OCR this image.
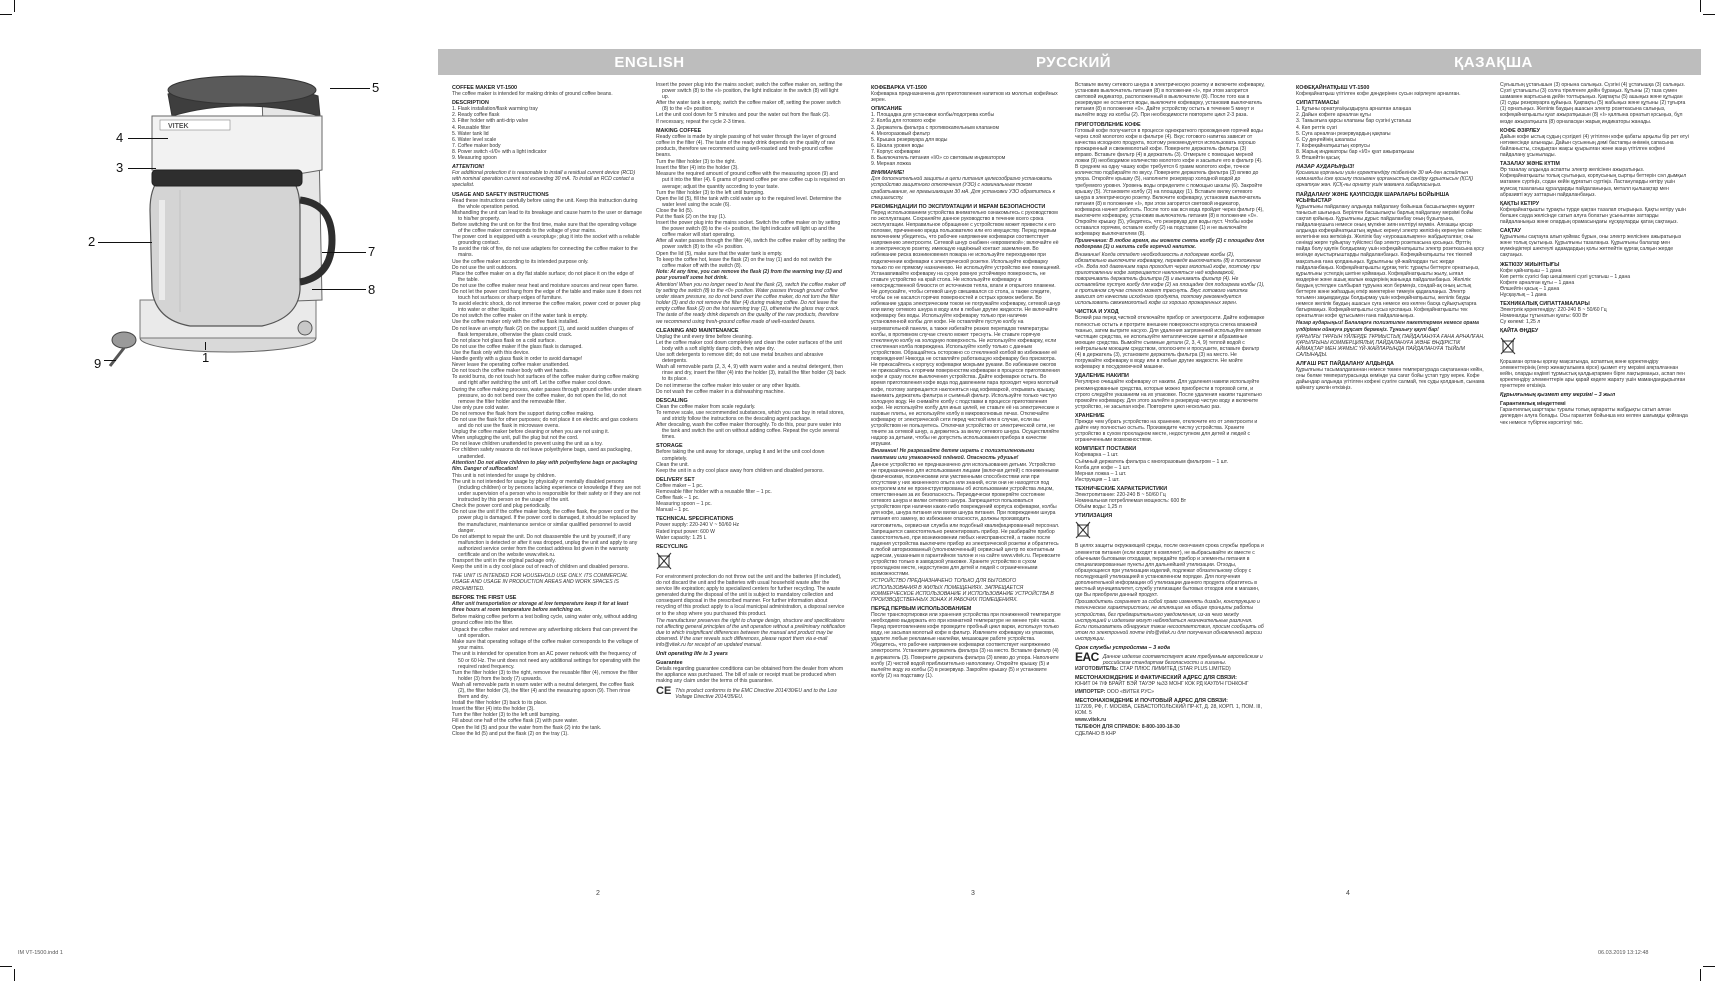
VITEK
5
4
3
2
7
8
9	1
IM VT-1500.indd 1
ENGLISH
COFFEE MAKER VT-1500
The coffee maker is intended for making drinks of ground coffee beans.
DESCRIPTION
1. Flask installation/flask warming tray
2. Ready coffee flask
3. Filter holder with anti-drip valve
4. Reusable filter
5. Water tank lid
6. Water level scale
7. Coffee maker body
8. Power switch «I/0» with a light indicator
9. Measuring spoon
ATTENTION!
For additional protection it is reasonable to install a residual current device (RCD) with nominal operation current not exceeding 30 mA. To install an RCD contact a specialist.
USAGE AND SAFETY INSTRUCTIONS
Read these instructions carefully before using the unit. Keep this instruction during the whole operation period.
Mishandling the unit can lead to its breakage and cause harm to the user or damage to his/her property.
Before switching the unit on for the first time, make sure that the operating voltage of the coffee maker corresponds to the voltage of your mains.
The power cord is equipped with a «europlug»; plug it into the socket with a reliable grounding contact.
To avoid the risk of fire, do not use adapters for connecting the coffee maker to the mains.
Use the coffee maker according to its intended purpose only.
Do not use the unit outdoors.
Place the coffee maker on a dry flat stable surface; do not place it on the edge of the table.
Do not use the coffee maker near heat and moisture sources and near open flame.
Do not let the power cord hang from the edge of the table and make sure it does not touch hot surfaces or sharp edges of furniture.
To avoid electric shock, do not immerse the coffee maker, power cord or power plug into water or other liquids.
Do not switch the coffee maker on if the water tank is empty.
Use the coffee maker only with the coffee flask installed.
Do not leave an empty flask (2) on the support (1), and avoid sudden changes of flask temperature, otherwise the glass could crack.
Do not place hot glass flask on a cold surface.
Do not use the coffee maker if the glass flask is damaged.
Use the flask only with this device.
Handle gently with a glass flask in order to avoid damage!
Never leave the operating coffee maker unattended.
Do not touch the coffee maker body with wet hands.
To avoid burns, do not touch hot surfaces of the coffee maker during coffee making and right after switching the unit off. Let the coffee maker cool down.
During the coffee making process, water passes through ground coffee under steam pressure, so do not bend over the coffee maker, do not open the lid, do not remove the filter holder and the removable filter.
Use only pure cold water.
Do not remove the flask from the support during coffee making.
Do not use the flask for other purposes; do not place it on electric and gas cookers and do not use the flask in microwave ovens.
Unplug the coffee maker before cleaning or when you are not using it.
When unplugging the unit, pull the plug but not the cord.
Do not leave children unattended to prevent using the unit as a toy.
For children safety reasons do not leave polyethylene bags, used as packaging, unattended.
Attention! Do not allow children to play with polyethylene bags or packaging film. Danger of suffocation!
This unit is not intended for usage by children.
The unit is not intended for usage by physically or mentally disabled persons (including children) or by persons lacking experience or knowledge if they are not under supervision of a person who is responsible for their safety or if they are not instructed by this person on the usage of the unit.
Check the power cord and plug periodically.
Do not use the unit if the coffee maker body, the coffee flask, the power cord or the power plug is damaged. If the power cord is damaged, it should be replaced by the manufacturer, maintenance service or similar qualified personnel to avoid danger.
Do not attempt to repair the unit. Do not disassemble the unit by yourself, if any malfunction is detected or after it was dropped, unplug the unit and apply to any authorized service center from the contact address list given in the warranty certificate and on the website www.vitek.ru.
Transport the unit in the original package only.
Keep the unit in a dry cool place out of reach of children and disabled persons.
THE UNIT IS INTENDED FOR HOUSEHOLD USE ONLY. ITS COMMERCIAL USAGE AND USAGE IN PRODUCTION AREAS AND WORK SPACES IS PROHIBITED.
BEFORE THE FIRST USE
After unit transportation or storage at low temperature keep it for at least three hours at room temperature before switching on.
Before making coffee perform a test boiling cycle, using water only, without adding ground coffee into the filter.
Unpack the coffee maker and remove any advertising stickers that can prevent the unit operation.
Make sure that operating voltage of the coffee maker corresponds to the voltage of your mains.
The unit is intended for operation from an AC power network with the frequency of 50 or 60 Hz. The unit does not need any additional settings for operating with the required rated frequency.
Turn the filter holder (3) to the right, remove the reusable filter (4), remove the filter holder (3) from the body (7) upwards.
Wash all removable parts in warm water with a neutral detergent, the coffee flask (2), the filter holder (3), the filter (4) and the measuring spoon (9). Then rinse them and dry.
Install the filter holder (3) back to its place.
Insert the filter (4) into the holder (3).
Turn the filter holder (3) to the left until bumping.
Fill about one half of the coffee flask (2) with pure water.
Open the lid (5) and pour the water from the flask (2) into the tank.
Close the lid (5) and put the flask (2) on the tray (1).
Insert the power plug into the mains socket; switch the coffee maker on, setting the power switch (8) to the «I» position, the light indicator in the switch (8) will light up.
After the water tank is empty, switch the coffee maker off, setting the power switch (8) to the «0» position.
Let the unit cool down for 5 minutes and pour the water out from the flask (2).
If necessary, repeat the cycle 2-3 times.
MAKING COFFEE
Ready coffee is made by single passing of hot water through the layer of ground coffee in the filter (4). The taste of the ready drink depends on the quality of raw products, therefore we recommend using well-roasted and fresh-ground coffee beans.
Turn the filter holder (3) to the right.
Insert the filter (4) into the holder (3).
Measure the required amount of ground coffee with the measuring spoon (9) and put it into the filter (4). 6 grams of ground coffee per one coffee cup is required on average; adjust the quantity according to your taste.
Turn the filter holder (3) to the left until bumping.
Open the lid (5), fill the tank with cold water up to the required level. Determine the water level using the scale (6).
Close the lid (5).
Put the flask (2) on the tray (1).
Insert the power plug into the mains socket. Switch the coffee maker on by setting the power switch (8) to the «I» position, the light indicator will light up and the coffee maker will start operating.
After all water passes through the filter (4), switch the coffee maker off by setting the power switch (8) to the «0» position.
Open the lid (5), make sure that the water tank is empty.
To keep the coffee hot, leave the flask (2) on the tray (1) and do not switch the coffee maker off with the switch (8).
Note: At any time, you can remove the flask (2) from the warming tray (1) and pour yourself some hot drink.
Attention! When you no longer need to heat the flask (2), switch the coffee maker off by setting the switch (8) to the «0» position. Water passes through ground coffee under steam pressure, so do not bend over the coffee maker, do not turn the filter holder (3) and do not remove the filter (4) during making coffee. Do not leave the empty coffee flask (2) on the hot warming tray (1), otherwise the glass may crack. The taste of the ready drink depends on the quality of the raw products, therefore we recommend using fresh-ground coffee made of well-roasted beans.
CLEANING AND MAINTENANCE
Unplug the unit every time before cleaning.
Let the coffee maker cool down completely and clean the outer surfaces of the unit body with a soft slightly damp cloth, then wipe dry.
Use soft detergents to remove dirt; do not use metal brushes and abrasive detergents.
Wash all removable parts (2, 3, 4, 9) with warm water and a neutral detergent, then rinse and dry, insert the filter (4) into the holder (3), install the filter holder (3) back to its place.
Do not immerse the coffee maker into water or any other liquids.
Do not wash the coffee maker in a dishwashing machine.
DESCALING
Clean the coffee maker from scale regularly.
To remove scale, use recommended substances, which you can buy in retail stores, and strictly follow the instructions on the descaling agent package.
After descaling, wash the coffee maker thoroughly. To do this, pour pure water into the tank and switch the unit on without adding coffee. Repeat the cycle several times.
STORAGE
Before taking the unit away for storage, unplug it and let the unit cool down completely.
Clean the unit.
Keep the unit in a dry cool place away from children and disabled persons.
DELIVERY SET
Coffee maker – 1 pc.
Removable filter holder with a reusable filter – 1 pc.
Coffee flask – 1 pc.
Measuring spoon – 1 pc.
Manual – 1 pc.
TECHNICAL SPECIFICATIONS
Power supply: 220-240 V ~ 50/60 Hz
Rated input power: 600 W
Water capacity: 1.25 L
RECYCLING
For environment protection do not throw out the unit and the batteries (if included), do not discard the unit and the batteries with usual household waste after the service life expiration; apply to specialized centers for further recycling. The waste generated during the disposal of the unit is subject to mandatory collection and consequent disposal in the prescribed manner. For further information about recycling of this product apply to a local municipal administration, a disposal service or to the shop where you purchased this product.
The manufacturer preserves the right to change design, structure and specifications not affecting general principles of the unit operation without a preliminary notification due to which insignificant differences between the manual and product may be observed. If the user reveals such differences, please report them via e-mail info@vitek.ru for receipt of an updated manual.
Unit operating life is 3 years
Guarantee
Details regarding guarantee conditions can be obtained from the dealer from whom the appliance was purchased. The bill of sale or receipt must be produced when making any claim under the terms of this guarantee.
CE This product conforms to the EMC Directive 2014/30/EU and to the Low Voltage Directive 2014/35/EU.
2
РУССКИЙ
КОФЕВАРКА VT-1500
Кофеварка предназначена для приготовления напитков из молотых кофейных зерен.
ОПИСАНИЕ
1. Площадка для установки колбы/подогрева колбы
2. Колба для готового кофе
3. Держатель фильтра с противокапельным клапаном
4. Многоразовый фильтр
5. Крышка резервуара для воды
6. Шкала уровня воды
7. Корпус кофеварки
8. Выключатель питания «I/0» со световым индикатором
9. Мерная ложка
ВНИМАНИЕ!
Для дополнительной защиты в цепи питания целесообразно установить устройство защитного отключения (УЗО) с номинальным током срабатывания, не превышающим 30 мА. Для установки УЗО обратитесь к специалисту.
РЕКОМЕНДАЦИИ ПО ЭКСПЛУАТАЦИИ И МЕРАМ БЕЗОПАСНОСТИ
Перед использованием устройства внимательно ознакомьтесь с руководством по эксплуатации. Сохраняйте данное руководство в течение всего срока эксплуатации. Неправильное обращение с устройством может привести к его поломке, причинению вреда пользователю или его имуществу. Перед первым включением убедитесь, что рабочее напряжение кофеварки соответствует напряжению электросети. Сетевой шнур снабжен «евровилкой»; включайте её в электрическую розетку, имеющую надёжный контакт заземления. Во избежание риска возникновения пожара не используйте переходники при подключении кофеварки к электрической розетке. Используйте кофеварку только по ее прямому назначению. Не используйте устройство вне помещений. Устанавливайте кофеварку на сухую ровную устойчивую поверхность, не ставьте устройство на край стола. Не используйте кофеварку в непосредственной близости от источников тепла, влаги и открытого пламени. Не допускайте, чтобы сетевой шнур свешивался со стола, а также следите, чтобы он не касался горячих поверхностей и острых кромок мебели. Во избежание удара электрическим током не погружайте кофеварку, сетевой шнур или вилку сетевого шнура в воду или в любые другие жидкости. Не включайте кофеварку без воды. Используйте кофеварку только при наличии установленной колбы для кофе. Не оставляйте пустую колбу на нагревательной панели, а также избегайте резких перепадов температуры колбы, в противном случае стекло может треснуть. Не ставьте горячую стеклянную колбу на холодную поверхность. Не используйте кофеварку, если стеклянная колба повреждена. Используйте колбу только с данным устройством. Обращайтесь осторожно со стеклянной колбой во избежание её повреждения! Никогда не оставляйте работающую кофеварку без присмотра. Не прикасайтесь к корпусу кофеварки мокрыми руками. Во избежание ожогов не прикасайтесь к горячим поверхностям кофеварки в процессе приготовления кофе и сразу после выключения устройства. Дайте кофеварке остыть. Во время приготовления кофе вода под давлением пара проходит через молотый кофе, поэтому запрещается наклоняться над кофеваркой, открывать крышку, вынимать держатель фильтра и съемный фильтр. Используйте только чистую холодную воду. Не снимайте колбу с подставки в процессе приготовления кофе. Не используйте колбу для иных целей, не ставьте её на электрические и газовые плиты, не используйте колбу в микроволновых печах. Отключайте кофеварку от электрической сети перед чисткой или в случае, если вы устройством не пользуетесь. Отключая устройство от электрической сети, не тяните за сетевой шнур, а держитесь за вилку сетевого шнура. Осуществляйте надзор за детьми, чтобы не допустить использования прибора в качестве игрушки.
Внимание! Не разрешайте детям играть с полиэтиленовыми пакетами или упаковочной плёнкой. Опасность удушья!
Данное устройство не предназначено для использования детьми. Устройство не предназначено для использования лицами (включая детей) с пониженными физическими, психическими или умственными способностями или при отсутствии у них жизненного опыта или знаний, если они не находятся под контролем или не проинструктированы об использовании устройства лицом, ответственным за их безопасность. Периодически проверяйте состояние сетевого шнура и вилки сетевого шнура. Запрещается пользоваться устройством при наличии каких-либо повреждений корпуса кофеварки, колбы для кофе, шнура питания или вилки шнура питания. При повреждении шнура питания его замену, во избежание опасности, должны производить изготовитель, сервисная служба или подобный квалифицированный персонал. Запрещается самостоятельно ремонтировать прибор. Не разбирайте прибор самостоятельно, при возникновении любых неисправностей, а также после падения устройства выключите прибор из электрической розетки и обратитесь в любой авторизованный (уполномоченный) сервисный центр по контактным адресам, указанным в гарантийном талоне и на сайте www.vitek.ru. Перевозите устройство только в заводской упаковке. Храните устройство в сухом прохладном месте, недоступном для детей и людей с ограниченными возможностями.
УСТРОЙСТВО ПРЕДНАЗНАЧЕНО ТОЛЬКО ДЛЯ БЫТОВОГО ИСПОЛЬЗОВАНИЯ В ЖИЛЫХ ПОМЕЩЕНИЯХ. ЗАПРЕЩАЕТСЯ КОММЕРЧЕСКОЕ ИСПОЛЬЗОВАНИЕ И ИСПОЛЬЗОВАНИЕ УСТРОЙСТВА В ПРОИЗВОДСТВЕННЫХ ЗОНАХ И РАБОЧИХ ПОМЕЩЕНИЯХ.
ПЕРЕД ПЕРВЫМ ИСПОЛЬЗОВАНИЕМ
После транспортировки или хранения устройства при пониженной температуре необходимо выдержать его при комнатной температуре не менее трёх часов. Перед приготовлением кофе проведите пробный цикл варки, используя только воду, не засыпая молотый кофе в фильтр. Извлеките кофеварку из упаковки, удалите любые рекламные наклейки, мешающие работе устройства. Убедитесь, что рабочее напряжение кофеварки соответствует напряжению электросети. Установите держатель фильтра (3) на место. Вставьте фильтр (4) в держатель (3). Поверните держатель фильтра (3) влево до упора. Наполните колбу (2) чистой водой приблизительно наполовину. Откройте крышку (5) и вылейте воду из колбы (2) в резервуар. Закройте крышку (5) и установите колбу (2) на подставку (1).
Вставьте вилку сетевого шнура в электрическую розетку и включите кофеварку, установив выключатель питания (8) в положение «I», при этом загорится световой индикатор, расположенный в выключателе (8). После того как в резервуаре не останется воды, выключите кофеварку, установив выключатель питания (8) в положение «0». Дайте устройству остыть в течение 5 минут и вылейте воду из колбы (2). При необходимости повторите цикл 2-3 раза.
ПРИГОТОВЛЕНИЕ КОФЕ
Готовый кофе получается в процессе однократного прохождения горячей воды через слой молотого кофе в фильтре (4). Вкус готового напитка зависит от качества исходного продукта, поэтому рекомендуется использовать хорошо прожаренный и свежемолотый кофе. Поверните держатель фильтра (3) вправо. Вставьте фильтр (4) в держатель (3). Отмерьте с помощью мерной ложки (9) необходимое количество молотого кофе и засыпьте его в фильтр (4). В среднем на одну чашку кофе требуется 6 грамм молотого кофе, точное количество подбирайте по вкусу. Поверните держатель фильтра (3) влево до упора. Откройте крышку (5), наполните резервуар холодной водой до требуемого уровня. Уровень воды определите с помощью шкалы (6). Закройте крышку (5). Установите колбу (2) на площадку (1). Вставьте вилку сетевого шнура в электрическую розетку. Включите кофеварку, установив выключатель питания (8) в положение «I», при этом загорится световой индикатор, кофеварка начнет работать. После того как вся вода пройдет через фильтр (4), выключите кофеварку, установив выключатель питания (8) в положение «0». Откройте крышку (5), убедитесь, что резервуар для воды пуст. Чтобы кофе оставался горячим, оставьте колбу (2) на подставке (1) и не выключайте кофеварку выключателем (8).
Примечание: В любое время, вы можете снять колбу (2) с площадки для подогрева (1) и налить себе горячий напиток.
Внимание! Когда отпадет необходимость в подогреве колбы (2), обязательно выключите кофеварку, переведя выключатель (8) в положение «0». Вода под давлением пара проходит через молотый кофе, поэтому при приготовлении кофе запрещается наклоняться над кофеваркой, поворачивать держатель фильтра (3) и вынимать фильтр (4). Не оставляйте пустую колбу для кофе (2) на площадке для подогрева колбы (1), в противном случае стекло может треснуть. Вкус готового напитка зависит от качества исходного продукта, поэтому рекомендуется использовать свежемолотый кофе из хорошо прожаренных зерен.
ЧИСТКА И УХОД
Всякий раз перед чисткой отключайте прибор от электросети. Дайте кофеварке полностью остыть и протрите внешние поверхности корпуса слегка влажной тканью, затем вытрите насухо. Для удаления загрязнений используйте мягкие чистящие средства, не используйте металлические щетки и абразивные моющие средства. Вымойте съемные детали (2, 3, 4, 9) теплой водой с нейтральным моющим средством, ополосните и просушите, вставьте фильтр (4) в держатель (3), установите держатель фильтра (3) на место. Не погружайте кофеварку в воду или в любые другие жидкости. Не мойте кофеварку в посудомоечной машине.
УДАЛЕНИЕ НАКИПИ
Регулярно очищайте кофеварку от накипи. Для удаления накипи используйте рекомендованные средства, которые можно приобрести в торговой сети, и строго следуйте указаниям на их упаковке. После удаления накипи тщательно промойте кофеварку. Для этого залейте в резервуар чистую воду и включите устройство, не засыпая кофе. Повторите цикл несколько раз.
ХРАНЕНИЕ
Прежде чем убрать устройство на хранение, отключите его от электросети и дайте ему полностью остыть. Произведите чистку устройства. Храните устройство в сухом прохладном месте, недоступном для детей и людей с ограниченными возможностями.
КОМПЛЕКТ ПОСТАВКИ
Кофеварка – 1 шт.
Съёмный держатель фильтра с многоразовым фильтром – 1 шт.
Колба для кофе – 1 шт.
Мерная ложка – 1 шт.
Инструкция – 1 шт.
ТЕХНИЧЕСКИЕ ХАРАКТЕРИСТИКИ
Электропитание: 220-240 В ~ 50/60 Гц
Номинальная потребляемая мощность: 600 Вт
Объём воды: 1,25 л
УТИЛИЗАЦИЯ
В целях защиты окружающей среды, после окончания срока службы прибора и элементов питания (если входят в комплект), не выбрасывайте их вместе с обычными бытовыми отходами, передайте прибор и элементы питания в специализированные пункты для дальнейшей утилизации. Отходы, образующиеся при утилизации изделий, подлежат обязательному сбору с последующей утилизацией в установленном порядке. Для получения дополнительной информации об утилизации данного продукта обратитесь в местный муниципалитет, службу утилизации бытовых отходов или в магазин, где Вы приобрели данный продукт.
Производитель сохраняет за собой право изменять дизайн, конструкцию и технические характеристики, не влияющие на общие принципы работы устройства, без предварительного уведомления, из-за чего между инструкцией и изделием могут наблюдаться незначительные различия. Если пользователь обнаружил такие несоответствия, просим сообщить об этом по электронной почте info@vitek.ru для получения обновленной версии инструкции.
Срок службы устройства – 3 года
EAC Данное изделие соответствует всем требуемым европейским и российским стандартам безопасности и гигиены.
ИЗГОТОВИТЕЛЬ: СТАР ПЛЮС ЛИМИТЕД (STAR PLUS LIMITED)
МЕСТОНАХОЖДЕНИЕ И ФАКТИЧЕСКИЙ АДРЕС ДЛЯ СВЯЗИ:
ЮНИТ 04 7/Ф БРАЙТ ВЭЙ ТАУЭР №33 МОНГ КОК РД КАУЛУН ГОНКОНГ
ИМПОРТЕР: ООО «ВИТЕК РУС»
МЕСТОНАХОЖДЕНИЕ И ПОЧТОВЫЙ АДРЕС ДЛЯ СВЯЗИ:
117209, РФ, Г. МОСКВА, СЕВАСТОПОЛЬСКИЙ ПР-КТ, Д. 28, КОРП. 1, ПОМ. III, КОМ. 5
www.vitek.ru
ТЕЛЕФОН ДЛЯ СПРАВОК: 8-800-100-18-30
СДЕЛАНО В КНР
3
ҚАЗАҚША
КОФЕҚАЙНАТҚЫШ VT-1500
Кофеқайнатқыш үгітілген кофе дәндерінен сусын әзірлеуге арналған.
СИПАТТАМАСЫ
1. Құтыны орнатуға/қыздыруға арналған алаңша
2. Дайын кофеге арналған құты
3. Тамызғыға қарсы клапаны бар сүзгіні ұстағыш
4. Көп реттік сүзгі
5. Суға арналған резервуардың қақпағы
6. Су деңгейінің шкаласы
7. Кофеқайнатқыштың корпусы
8. Жарық индикаторы бар «I/0» қуат ажыратқышы
9. Өлшейтін қасық
НАЗАР АУДАРЫҢЫЗ!
Қосымша қорғаныш үшін қоректендіру тізбегінде 30 мА-ден аспайтын номиналды іске қосылу тогымен қорғаныстық сөндіру құрылғысын (ҚСҚ) орнатқан жөн. ҚСҚ-ны орнату үшін маманға хабарласыңыз.
ПАЙДАЛАНУ ЖӘНЕ ҚАУІПСІЗДІК ШАРАЛАРЫ БОЙЫНША ҰСЫНЫСТАР
Құрылғыны пайдалану алдында пайдалану бойынша басшылықпен мұқият танысып шығыңыз. Берілген басшылықты барлық пайдалану мерзімі бойы сақтап қойыңыз. Құрылғыны дұрыс пайдаланбау оның бұзылуына, пайдаланушыға немесе оның мүлкіне зиян келтіруі мүмкін. Алғашқы қосар алдында кофеқайнатқыштың жұмыс кернеуі электр желісінің кернеуіне сәйкес келетініне көз жеткізіңіз. Желілік бау «еуроашалықпен» жабдықталған; оны сенімді жерге тұйықтау түйіспесі бар электр розеткасына қосыңыз. Өрттің пайда болу қаупін болдырмау үшін кофеқайнатқышты электр розеткасына қосу кезінде ауыстырғыштарды пайдаланбаңыз. Кофеқайнатқышты тек тікелей мақсатына ғана қолданыңыз. Құрылғыны үй-жайлардан тыс жерде пайдаланбаңыз. Кофеқайнатқышты құрғақ тегіс тұрақты беттерге орнатыңыз, құрылғыны үстелдің шетіне қоймаңыз. Кофеқайнатқышты жылу, ылғал көздеріне және ашық жалын көздерінің жанында пайдаланбаңыз. Желілік баудың үстелден салбырап тұруына жол бермеңіз, сондай-ақ оның ыстық беттерге және жиһаздың өткір жиектеріне тимеуін қадағалаңыз. Электр тогымен зақымдануды болдырмау үшін кофеқайнатқышты, желілік бауды немесе желілік баудың ашасын суға немесе кез келген басқа сұйықтықтарға батырмаңыз. Кофеқайнатқышты сусыз қоспаңыз. Кофеқайнатқышты тек орнатылған кофе құтысымен ғана пайдаланыңыз.
Назар аударыңыз! Балаларға полиэтилен пакеттермен немесе орама үлдірімен ойнауға рұқсат бермеңіз. Тұншығу қаупі бар!
ҚҰРЫЛҒЫ ТҰРҒЫН ҮЙЛЕРДЕ ТҰРМЫСТЫҚ ПАЙДАЛАНУҒА ҒАНА АРНАЛҒАН. ҚҰРЫЛҒЫНЫ КОММЕРЦИЯЛЫҚ ПАЙДАЛАНУҒА ЖӘНЕ ӨНДІРІСТІК АЙМАҚТАР МЕН ЖҰМЫС ҮЙ-ЖАЙЛАРЫНДА ПАЙДАЛАНУҒА ТЫЙЫМ САЛЫНАДЫ.
АЛҒАШ РЕТ ПАЙДАЛАНУ АЛДЫНДА
Құрылғыны тасымалдағаннан немесе төмен температурада сақтағаннан кейін, оны бөлме температурасында кемінде үш сағат бойы ұстап тұру керек. Кофе дайындар алдында үгітілген кофені сүзгіге салмай, тек суды қолданып, сынама қайнату циклін өткізіңіз.
Суғыштың ұстағышын (3) орнына салыңыз. Сүзгіні (4) ұстағышқа (3) салыңыз. Сүзгі ұстағышты (3) солға тірелгенге дейін бұраңыз. Құтыны (2) таза сумен шамамен жартысына дейін толтырыңыз. Қақпақты (5) ашыңыз және құтыдан (2) суды резервуарға құйыңыз. Қақпақты (5) жабыңыз және құтыны (2) тұғырға (1) орнатыңыз. Желілік баудың ашасын электр розеткасына салыңыз, кофеқайнатқышты қуат ажыратқышын (8) «I» қалпына орнатып қосыңыз, бұл кезде ажыратқышта (8) орналасқан жарық индикаторы жанады.
КОФЕ ӘЗІРЛЕУ
Дайын кофе ыстық судың сүзгідегі (4) үгітілген кофе қабаты арқылы бір рет өтуі нәтижесінде алынады. Дайын сусынның дәмі бастапқы өнімнің сапасына байланысты, сондықтан жақсы қуырылған және жаңа үгітілген кофені пайдалану ұсынылады.
ТАЗАЛАУ ЖӘНЕ КҮТІМ
Әр тазалау алдында аспапты электр желісінен ажыратыңыз. Кофеқайнатқышты толық суытыңыз, корпусының сыртқы беттерін сәл дымқыл матамен сүртіңіз, содан кейін құрғатып сүртіңіз. Ластануларды кетіру үшін жұмсақ тазалағыш құралдарды пайдаланыңыз, металл қылшақтар мен абразивті жуу заттарын пайдаланбаңыз.
ҚАҚТЫ КЕТІРУ
Кофеқайнатқышты тұрақты түрде қақтан тазалап отырыңыз. Қақты кетіру үшін бөлшек сауда желісінде сатып алуға болатын ұсынылған заттарды пайдаланыңыз және олардың орамасындағы нұсқауларды қатаң сақтаңыз.
САҚТАУ
Құрылғыны сақтауға алып қоймас бұрын, оны электр желісінен ажыратыңыз және толық суытыңыз. Құрылғыны тазалаңыз. Құрылғыны балалар мен мүмкіндіктері шектеулі адамдардың қолы жетпейтін құрғақ салқын жерде сақтаңыз.
ЖЕТКІЗУ ЖИЫНТЫҒЫ
Кофе қайнатқыш – 1 дана
Көп реттік сүзгісі бар шешілмелі сүзгі ұстағыш – 1 дана
Кофеге арналған құты – 1 дана
Өлшейтін қасық – 1 дана
Нұсқаулық – 1 дана
ТЕХНИКАЛЫҚ СИПАТТАМАЛАРЫ
Электрлік қоректендіру: 220-240 В ~ 50/60 Гц
Номиналды тұтынатын қуаты: 600 Вт
Су көлемі: 1,25 л
ҚАЙТА ӨҢДЕУ
Қоршаған ортаны қорғау мақсатында, аспаптың және қоректендіру элементтерінің (егер жинақталымға кірсе) қызмет ету мерзімі аяқталғаннан кейін, оларды кәдімгі тұрмыстық қалдықтармен бірге лақтырмаңыз, аспап пен қоректендіру элементтерін ары қарай кәдеге жарату үшін мамандандырылған пункттерге өткізіңіз.
Құрылғының қызмет ету мерзімі – 3 жыл
Гарантиялық міндеттемі
Гарантиялық шарттары туралы толық ақпаратты жабдықты сатып алған дилерден алуға болады. Осы гарантия бойынша кез келген шағымды қойғанда чек немесе түбіртек көрсетілуі тиіс.
4
06.03.2019 13:12:48
